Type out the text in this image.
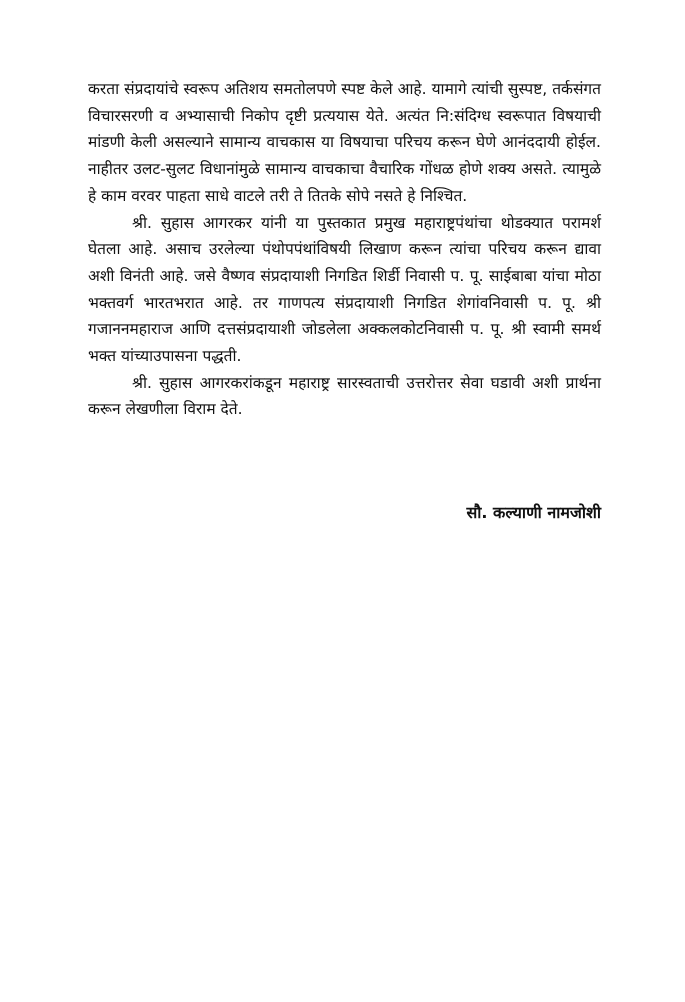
करता संप्रदायांचे स्वरूप अतिशय समतोलपणे स्पष्ट केले आहे. यामागे त्यांची सुस्पष्ट, तर्कसंगत विचारसरणी व अभ्यासाची निकोप दृष्टी प्रत्ययास येते. अत्यंत नि:संदिग्ध स्वरूपात विषयाची मांडणी केली असल्याने सामान्य वाचकास या विषयाचा परिचय करून घेणे आनंददायी होईल. नाहीतर उलट-सुलट विधानांमुळे सामान्य वाचकाचा वैचारिक गोंधळ होणे शक्य असते. त्यामुळे हे काम वरवर पाहता साधे वाटले तरी ते तितके सोपे नसते हे निश्चित.

श्री. सुहास आगरकर यांनी या पुस्तकात प्रमुख महाराष्ट्रपंथांचा थोडक्यात परामर्श घेतला आहे. असाच उरलेल्या पंथोपपंथांविषयी लिखाण करून त्यांचा परिचय करून द्यावा अशी विनंती आहे. जसे वैष्णव संप्रदायाशी निगडित शिर्डी निवासी प. पू. साईबाबा यांचा मोठा भक्तवर्ग भारतभरात आहे. तर गाणपत्य संप्रदायाशी निगडित शेगांवनिवासी प. पू. श्री गजाननमहाराज आणि दत्तसंप्रदायाशी जोडलेला अक्कलकोटनिवासी प. पू. श्री स्वामी समर्थ भक्त यांच्याउपासना पद्धती.

श्री. सुहास आगरकरांकडून महाराष्ट्र सारस्वताची उत्तरोत्तर सेवा घडावी अशी प्रार्थना करून लेखणीला विराम देते.

सौ. कल्याणी नामजोशी
